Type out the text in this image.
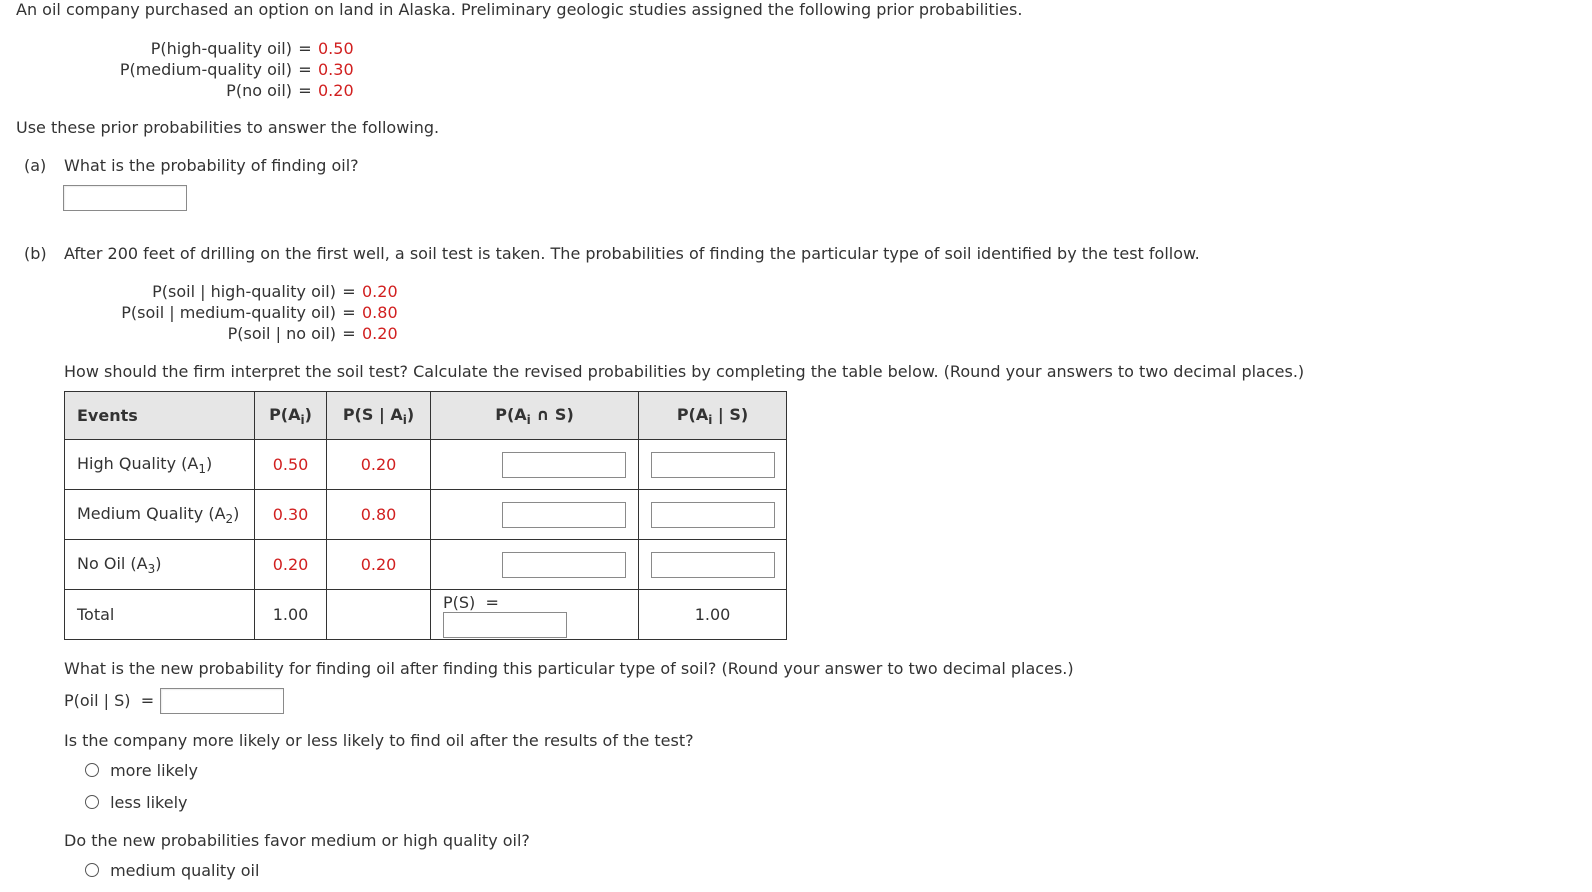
An oil company purchased an option on land in Alaska. Preliminary geologic studies assigned the following prior probabilities.
P(high-quality oil) = 0.50
P(medium-quality oil) = 0.30
P(no oil) = 0.20
Use these prior probabilities to answer the following.
(a) What is the probability of finding oil?
(b) After 200 feet of drilling on the first well, a soil test is taken. The probabilities of finding the particular type of soil identified by the test follow.
P(soil | high-quality oil) = 0.20
P(soil | medium-quality oil) = 0.80
P(soil | no oil) = 0.20
How should the firm interpret the soil test? Calculate the revised probabilities by completing the table below. (Round your answers to two decimal places.)
Events	$P(A_i)$	P(S | $A_i$)	$P(A_i$ ∩ S)	$P(A_i$ | S)
High Quality $(A_1)$	0.50	0.20		
Medium Quality $(A_2)$	0.30	0.80		
No Oil $(A_3)$	0.20	0.20		
Total	1.00		P(S)  =	1.00
What is the new probability for finding oil after finding this particular type of soil? (Round your answer to two decimal places.)
P(oil | S)  =
Is the company more likely or less likely to find oil after the results of the test?
more likely
less likely
Do the new probabilities favor medium or high quality oil?
medium quality oil
